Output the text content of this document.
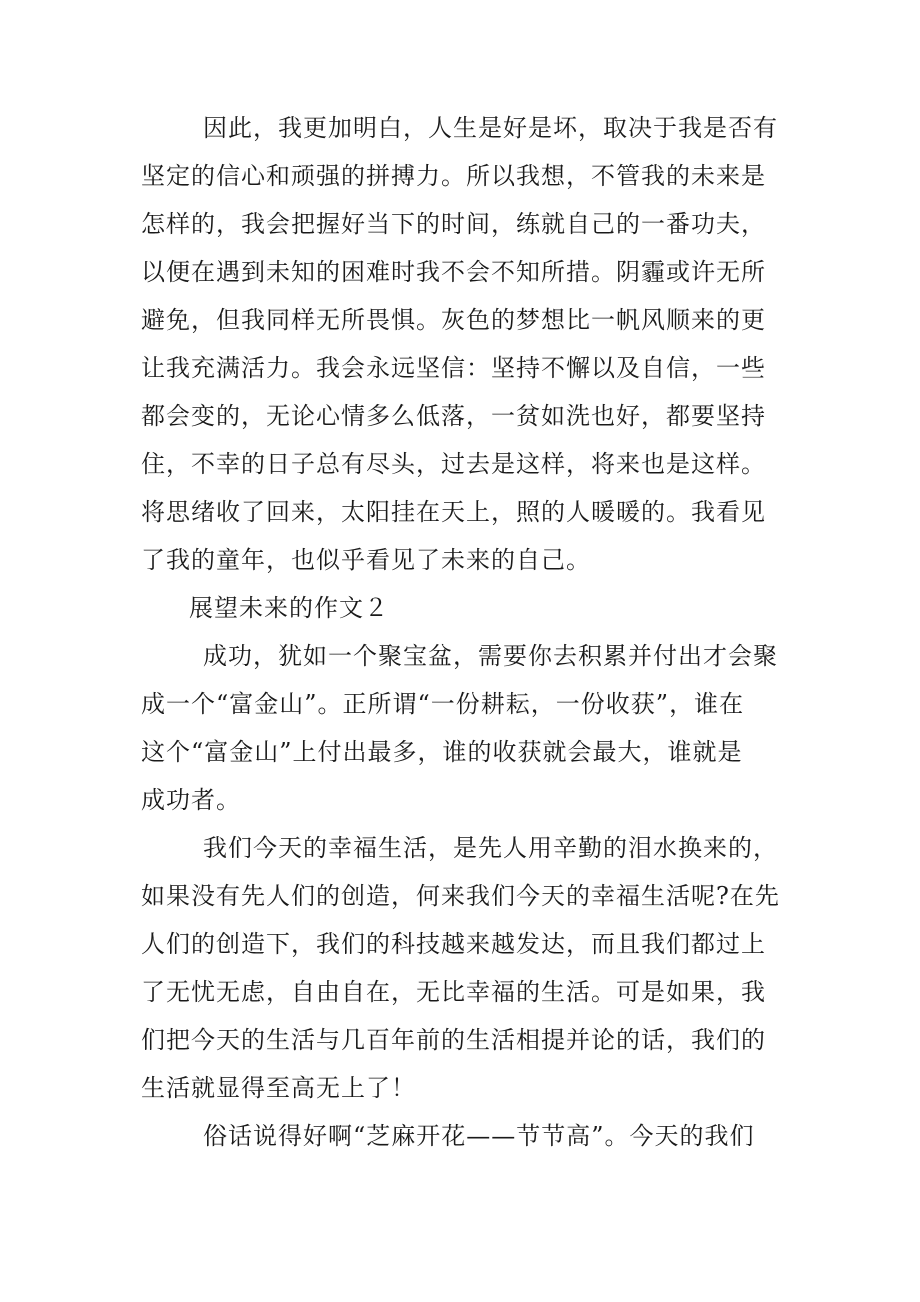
因此，我更加明白，人生是好是坏，取决于我是否有
坚定的信心和顽强的拼搏力。所以我想，不管我的未来是
怎样的，我会把握好当下的时间，练就自己的一番功夫，
以便在遇到未知的困难时我不会不知所措。阴霾或许无所
避免，但我同样无所畏惧。灰色的梦想比一帆风顺来的更
让我充满活力。我会永远坚信：坚持不懈以及自信，一些
都会变的，无论心情多么低落，一贫如洗也好，都要坚持
住，不幸的日子总有尽头，过去是这样，将来也是这样。
将思绪收了回来，太阳挂在天上，照的人暖暖的。我看见
了我的童年，也似乎看见了未来的自己。
展望未来的作文２
成功，犹如一个聚宝盆，需要你去积累并付出才会聚
成一个“富金山”。正所谓“一份耕耘，一份收获”，谁在
这个“富金山”上付出最多，谁的收获就会最大，谁就是
成功者。
我们今天的幸福生活，是先人用辛勤的泪水换来的，
如果没有先人们的创造，何来我们今天的幸福生活呢?在先
人们的创造下，我们的科技越来越发达，而且我们都过上
了无忧无虑，自由自在，无比幸福的生活。可是如果，我
们把今天的生活与几百年前的生活相提并论的话，我们的
生活就显得至高无上了！
俗话说得好啊“芝麻开花——节节高”。今天的我们
